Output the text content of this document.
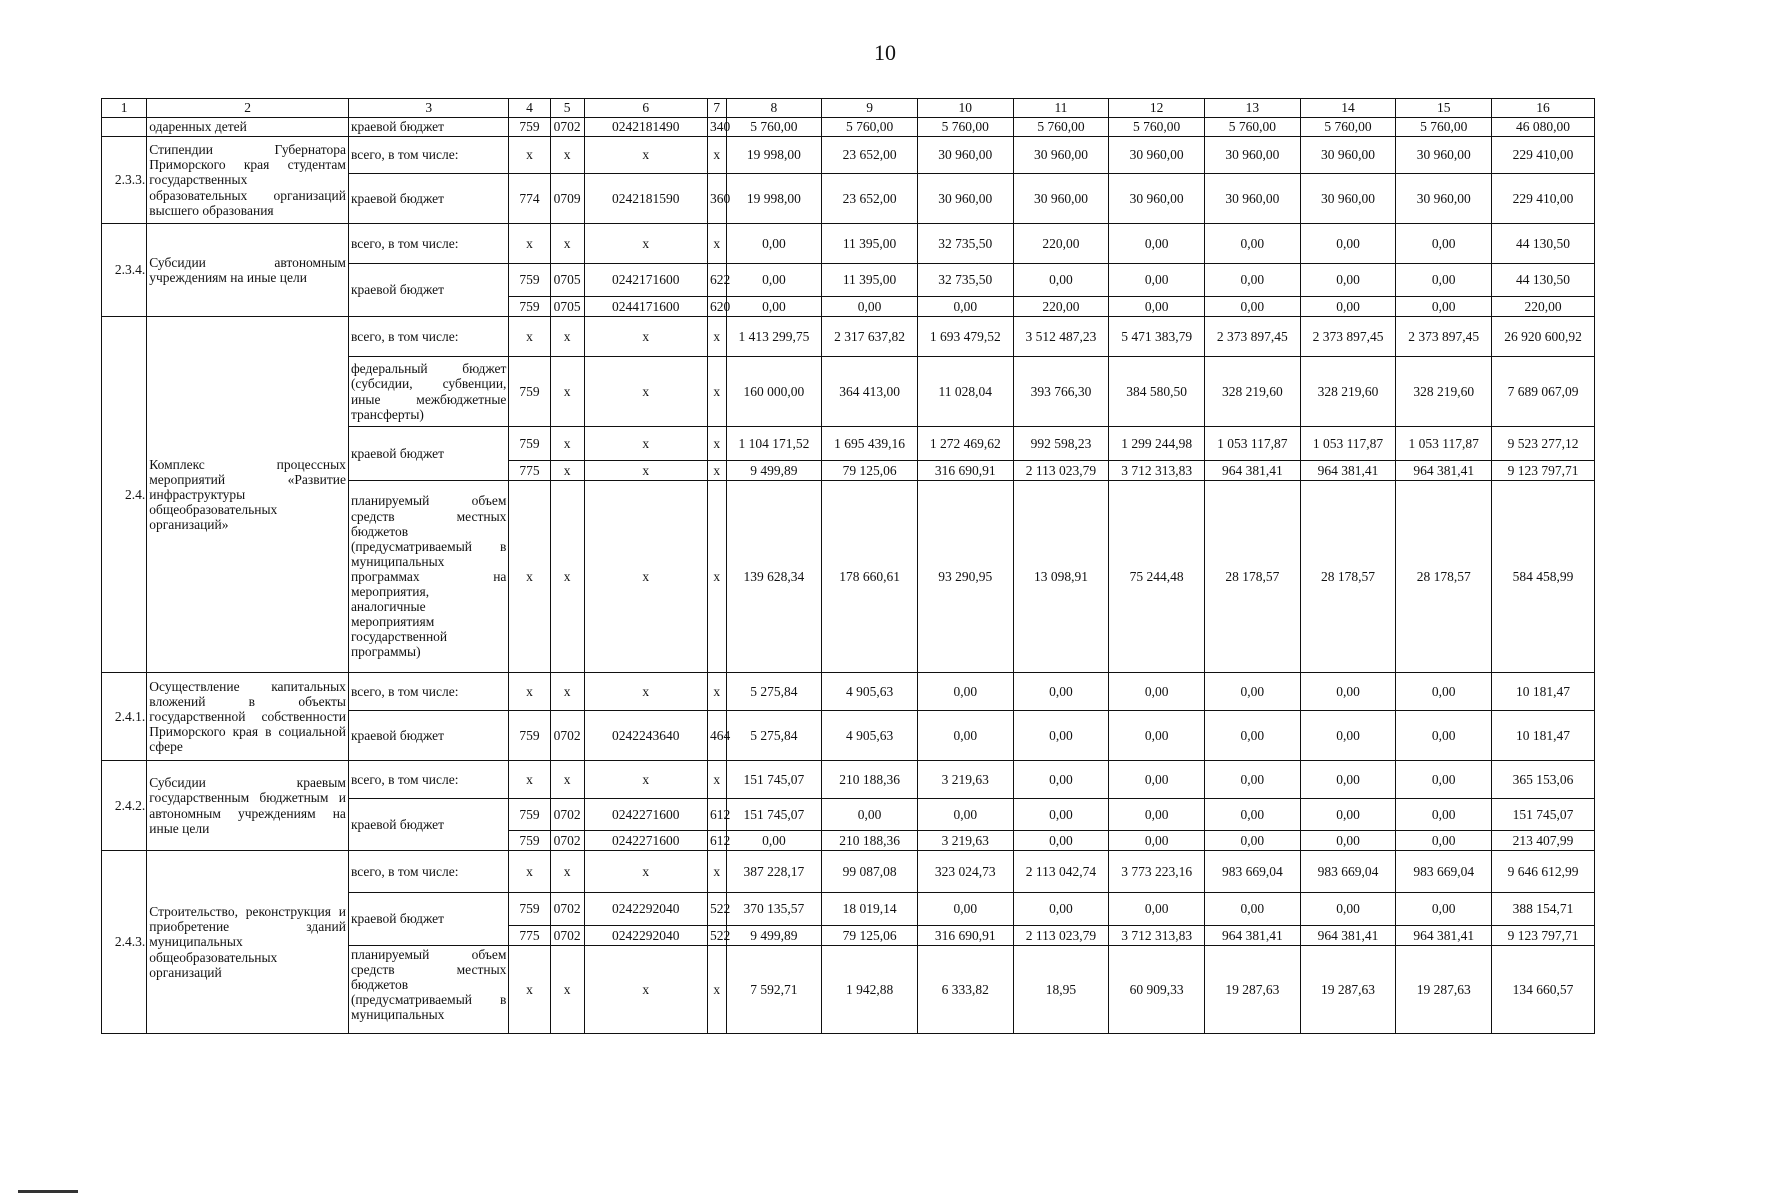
10
1	2	3	4	5	6	7	8	9	10	11	12	13	14	15	16
	одаренных детей	краевой бюджет	759	0702	0242181490	340	5 760,00	5 760,00	5 760,00	5 760,00	5 760,00	5 760,00	5 760,00	5 760,00	46 080,00
2.3.3.	Стипендии Губернатора Приморского края студентам государственных образовательных организаций высшего образования	всего, в том числе:	х	х	х	х	19 998,00	23 652,00	30 960,00	30 960,00	30 960,00	30 960,00	30 960,00	30 960,00	229 410,00
		краевой бюджет	774	0709	0242181590	360	19 998,00	23 652,00	30 960,00	30 960,00	30 960,00	30 960,00	30 960,00	30 960,00	229 410,00
2.3.4.	Субсидии автономным учреждениям на иные цели	всего, в том числе:	х	х	х	х	0,00	11 395,00	32 735,50	220,00	0,00	0,00	0,00	0,00	44 130,50
		краевой бюджет	759	0705	0242171600	622	0,00	11 395,00	32 735,50	0,00	0,00	0,00	0,00	0,00	44 130,50
			759	0705	0244171600	620	0,00	0,00	0,00	220,00	0,00	0,00	0,00	0,00	220,00
2.4.	Комплекс процессных мероприятий «Развитие инфраструктуры общеобразовательных организаций»	всего, в том числе:	х	х	х	х	1 413 299,75	2 317 637,82	1 693 479,52	3 512 487,23	5 471 383,79	2 373 897,45	2 373 897,45	2 373 897,45	26 920 600,92
		федеральный бюджет (субсидии, субвенции, иные межбюджетные трансферты)	759	х	х	х	160 000,00	364 413,00	11 028,04	393 766,30	384 580,50	328 219,60	328 219,60	328 219,60	7 689 067,09
		краевой бюджет	759	х	х	х	1 104 171,52	1 695 439,16	1 272 469,62	992 598,23	1 299 244,98	1 053 117,87	1 053 117,87	1 053 117,87	9 523 277,12
			775	х	х	х	9 499,89	79 125,06	316 690,91	2 113 023,79	3 712 313,83	964 381,41	964 381,41	964 381,41	9 123 797,71
		планируемый объем средств местных бюджетов (предусматриваемый в муниципальных программах на мероприятия, аналогичные мероприятиям государственной программы)	х	х	х	х	139 628,34	178 660,61	93 290,95	13 098,91	75 244,48	28 178,57	28 178,57	28 178,57	584 458,99
2.4.1.	Осуществление капитальных вложений в объекты государственной собственности Приморского края в социальной сфере	всего, в том числе:	х	х	х	х	5 275,84	4 905,63	0,00	0,00	0,00	0,00	0,00	0,00	10 181,47
		краевой бюджет	759	0702	0242243640	464	5 275,84	4 905,63	0,00	0,00	0,00	0,00	0,00	0,00	10 181,47
2.4.2.	Субсидии краевым государственным бюджетным и автономным учреждениям на иные цели	всего, в том числе:	х	х	х	х	151 745,07	210 188,36	3 219,63	0,00	0,00	0,00	0,00	0,00	365 153,06
		краевой бюджет	759	0702	0242271600	612	151 745,07	0,00	0,00	0,00	0,00	0,00	0,00	0,00	151 745,07
			759	0702	0242271600	612	0,00	210 188,36	3 219,63	0,00	0,00	0,00	0,00	0,00	213 407,99
2.4.3.	Строительство, реконструкция и приобретение зданий муниципальных общеобразовательных организаций	всего, в том числе:	х	х	х	х	387 228,17	99 087,08	323 024,73	2 113 042,74	3 773 223,16	983 669,04	983 669,04	983 669,04	9 646 612,99
		краевой бюджет	759	0702	0242292040	522	370 135,57	18 019,14	0,00	0,00	0,00	0,00	0,00	0,00	388 154,71
			775	0702	0242292040	522	9 499,89	79 125,06	316 690,91	2 113 023,79	3 712 313,83	964 381,41	964 381,41	964 381,41	9 123 797,71
		планируемый объем средств местных бюджетов (предусматриваемый в муниципальных	х	х	х	х	7 592,71	1 942,88	6 333,82	18,95	60 909,33	19 287,63	19 287,63	19 287,63	134 660,57
